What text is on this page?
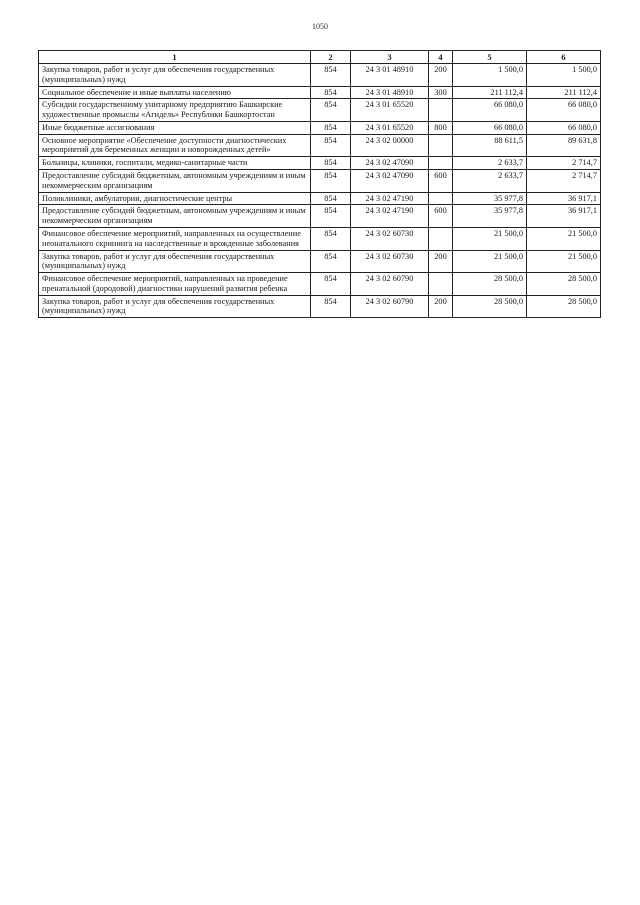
1050
1	2	3	4	5	6
Закупка товаров, работ и услуг для обеспечения государственных (муниципальных) нужд	854	24 3 01 48910	200	1 500,0	1 500,0
Социальное обеспечение и иные выплаты населению	854	24 3 01 48910	300	211 112,4	211 112,4
Субсидии государственному унитарному предприятию Башкирские художественные промыслы «Агидель» Республики Башкортостан	854	24 3 01 65520		66 080,0	66 080,0
Иные бюджетные ассигнования	854	24 3 01 65520	800	66 080,0	66 080,0
Основное мероприятие «Обеспечение доступности диагностических мероприятий для беременных женщин и новорожденных детей»	854	24 3 02 00000		88 611,5	89 631,8
Больницы, клиники, госпитали, медико-санитарные части	854	24 3 02 47090		2 633,7	2 714,7
Предоставление субсидий бюджетным, автономным учреждениям и иным некоммерческим организациям	854	24 3 02 47090	600	2 633,7	2 714,7
Поликлиники, амбулатории, диагностические центры	854	24 3 02 47190		35 977,8	36 917,1
Предоставление субсидий бюджетным, автономным учреждениям и иным некоммерческим организациям	854	24 3 02 47190	600	35 977,8	36 917,1
Финансовое обеспечение мероприятий, направленных на осуществление неонатального скрининга на наследственные и врожденные заболевания	854	24 3 02 60730		21 500,0	21 500,0
Закупка товаров, работ и услуг для обеспечения государственных (муниципальных) нужд	854	24 3 02 60730	200	21 500,0	21 500,0
Финансовое обеспечение мероприятий, направленных на проведение пренатальной (дородовой) диагностики нарушений развития ребенка	854	24 3 02 60790		28 500,0	28 500,0
Закупка товаров, работ и услуг для обеспечения государственных (муниципальных) нужд	854	24 3 02 60790	200	28 500,0	28 500,0
